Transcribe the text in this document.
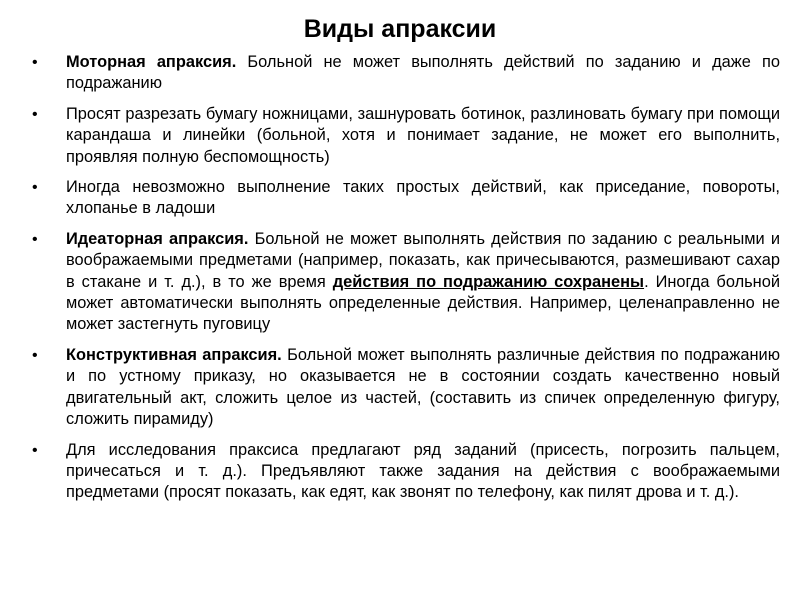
Виды апраксии
•	Моторная апраксия. Больной не может выполнять действий по заданию и даже по подражанию
•	Просят разрезать бумагу ножницами, зашнуровать ботинок, разлиновать бумагу при помощи карандаша и линейки (больной, хотя и понимает задание, не может его выполнить, проявляя полную беспомощность)
•	Иногда невозможно выполнение таких простых действий, как приседание, повороты, хлопанье в ладоши
•	Идеаторная апраксия. Больной не может выполнять действия по заданию с реальными и воображаемыми предметами (например, показать, как причесываются, размешивают сахар в стакане и т. д.), в то же время действия по подражанию сохранены. Иногда больной может автоматически выполнять определенные действия. Например, целенаправленно не может застегнуть пуговицу
•	Конструктивная апраксия. Больной может выполнять различные действия по подражанию и по устному приказу, но оказывается не в состоянии создать качественно новый двигательный акт, сложить целое из частей, (составить из спичек определенную фигуру, сложить пирамиду)
•	Для исследования праксиса предлагают ряд заданий (присесть, погрозить пальцем, причесаться и т. д.). Предъявляют также задания на действия с воображаемыми предметами (просят показать, как едят, как звонят по телефону, как пилят дрова и т. д.).
